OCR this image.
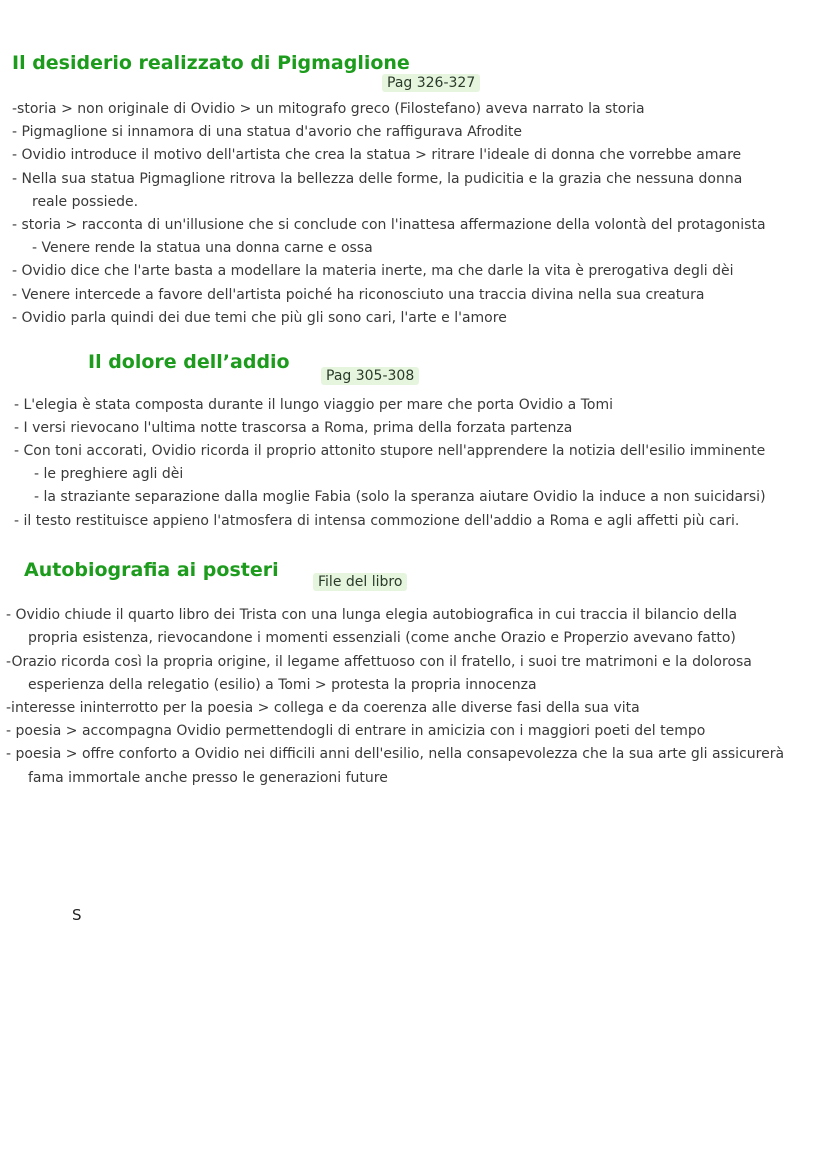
Il desiderio realizzato di Pigmaglione
Pag 326-327

-storia > non originale di Ovidio > un mitografo greco (Filostefano) aveva narrato la storia

- Pigmaglione si innamora di una statua d'avorio che raffigurava Afrodite

- Ovidio introduce il motivo dell'artista che crea la statua > ritrare l'ideale di donna che vorrebbe amare

- Nella sua statua Pigmaglione ritrova la bellezza delle forme, la pudicitia e la grazia che nessuna donna

reale possiede.

- storia > racconta di un'illusione che si conclude con l'inattesa affermazione della volontà del protagonista

- Venere rende la statua una donna carne e ossa

- Ovidio dice che l'arte basta a modellare la materia inerte, ma che darle la vita è prerogativa degli dèi

- Venere intercede a favore dell'artista poiché ha riconosciuto una traccia divina nella sua creatura

- Ovidio parla quindi dei due temi che più gli sono cari, l'arte e l'amore

Il dolore dell’addio
Pag 305-308

- L'elegia è stata composta durante il lungo viaggio per mare che porta Ovidio a Tomi

- I versi rievocano l'ultima notte trascorsa a Roma, prima della forzata partenza

- Con toni accorati, Ovidio ricorda il proprio attonito stupore nell'apprendere la notizia dell'esilio imminente

- le preghiere agli dèi

- la straziante separazione dalla moglie Fabia (solo la speranza aiutare Ovidio la induce a non suicidarsi)

- il testo restituisce appieno l'atmosfera di intensa commozione dell'addio a Roma e agli affetti più cari.

Autobiografia ai posteri
File del libro

- Ovidio chiude il quarto libro dei Trista con una lunga elegia autobiografica in cui traccia il bilancio della

propria esistenza, rievocandone i momenti essenziali (come anche Orazio e Properzio avevano fatto)

-Orazio ricorda così la propria origine, il legame affettuoso con il fratello, i suoi tre matrimoni e la dolorosa

esperienza della relegatio (esilio) a Tomi > protesta la propria innocenza

-interesse ininterrotto per la poesia > collega e da coerenza alle diverse fasi della sua vita

- poesia > accompagna Ovidio permettendogli di entrare in amicizia con i maggiori poeti del tempo

- poesia > offre conforto a Ovidio nei difficili anni dell'esilio, nella consapevolezza che la sua arte gli assicurerà

fama immortale anche presso le generazioni future

S
